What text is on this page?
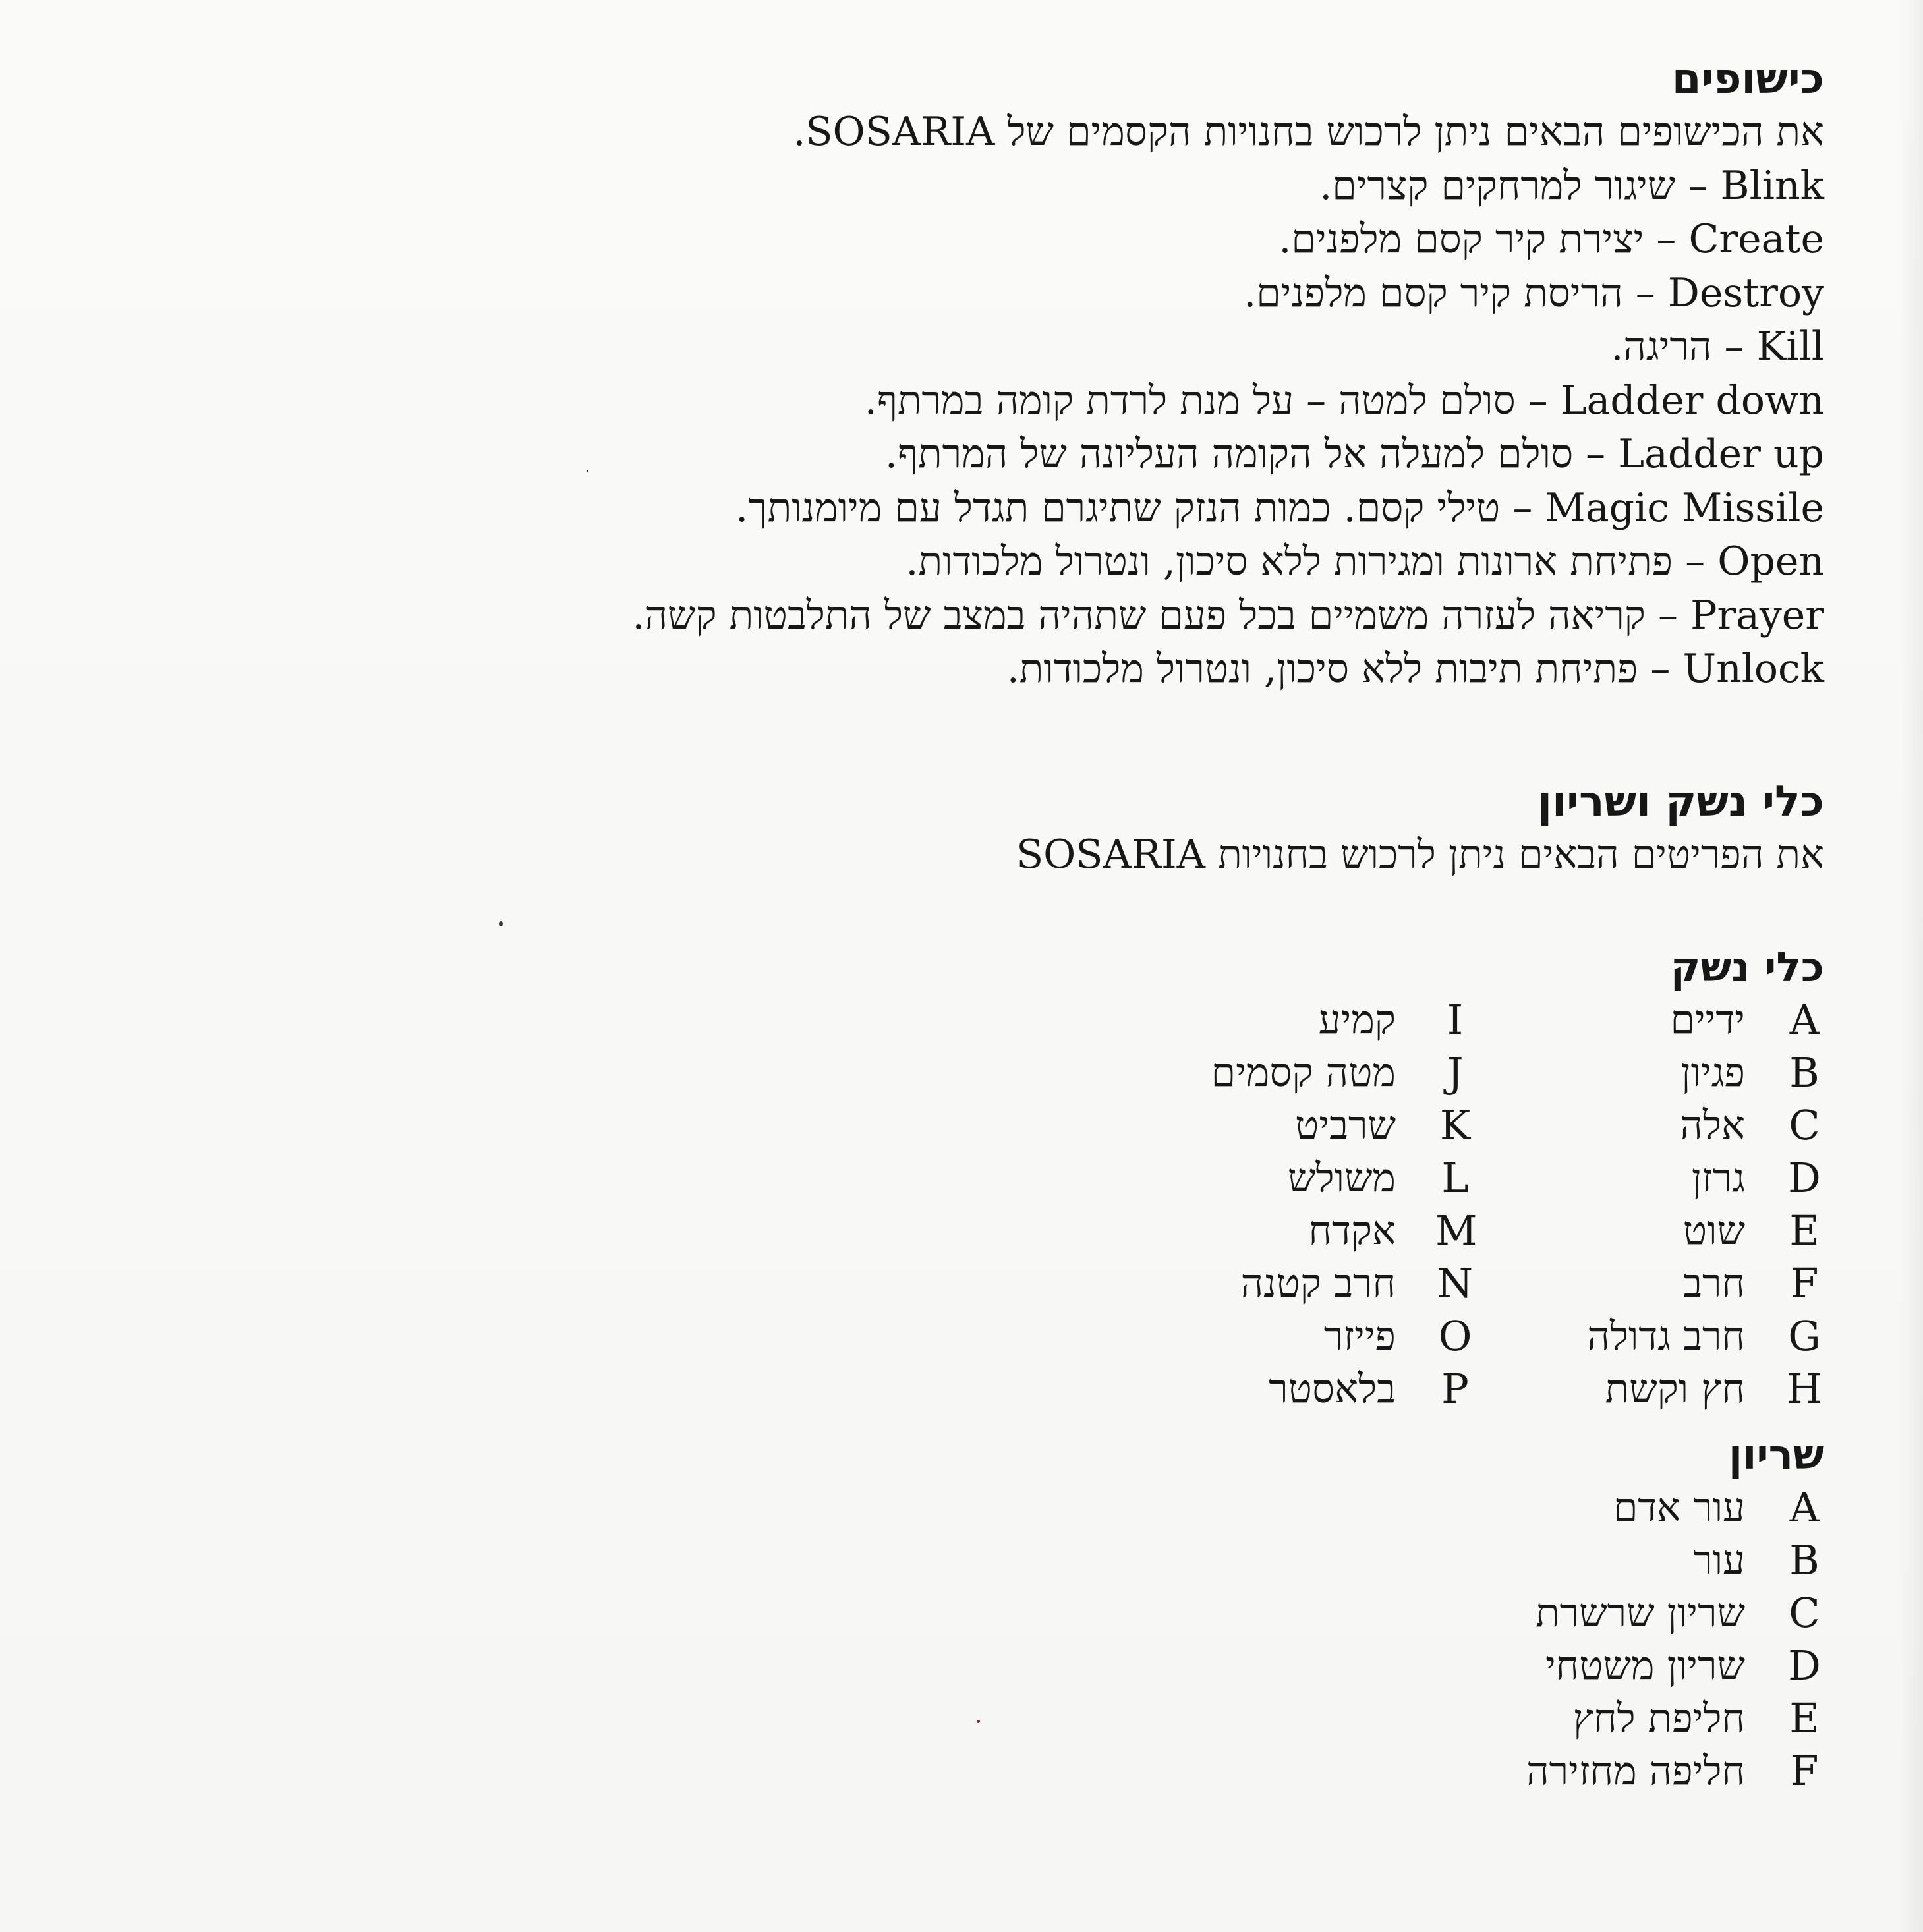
כישופים
את הכישופים הבאים ניתן לרכוש בחנויות הקסמים של SOSARIA.
Blink – שיגור למרחקים קצרים.
Create – יצירת קיר קסם מלפנים.
Destroy – הריסת קיר קסם מלפנים.
Kill – הריגה.
Ladder down – סולם למטה – על מנת לרדת קומה במרתף.
Ladder up – סולם למעלה אל הקומה העליונה של המרתף.
Magic Missile – טילי קסם. כמות הנזק שתיגרם תגדל עם מיומנותך.
Open – פתיחת ארונות ומגירות ללא סיכון, ונטרול מלכודות.
Prayer – קריאה לעזרה משמיים בכל פעם שתהיה במצב של התלבטות קשה.
Unlock – פתיחת תיבות ללא סיכון, ונטרול מלכודות.
כלי נשק ושריון
את הפריטים הבאים ניתן לרכוש בחנויות SOSARIA
כלי נשק
A
ידיים
I
קמיע
B
פגיון
J
מטה קסמים
C
אלה
K
שרביט
D
גרזן
L
משולש
E
שוט
M
אקדח
F
חרב
N
חרב קטנה
G
חרב גדולה
O
פייזר
H
חץ וקשת
P
בלאסטר
שריון
A
עור אדם
B
עור
C
שריון שרשרת
D
שריון משטחי
E
חליפת לחץ
F
חליפה מחזירה
